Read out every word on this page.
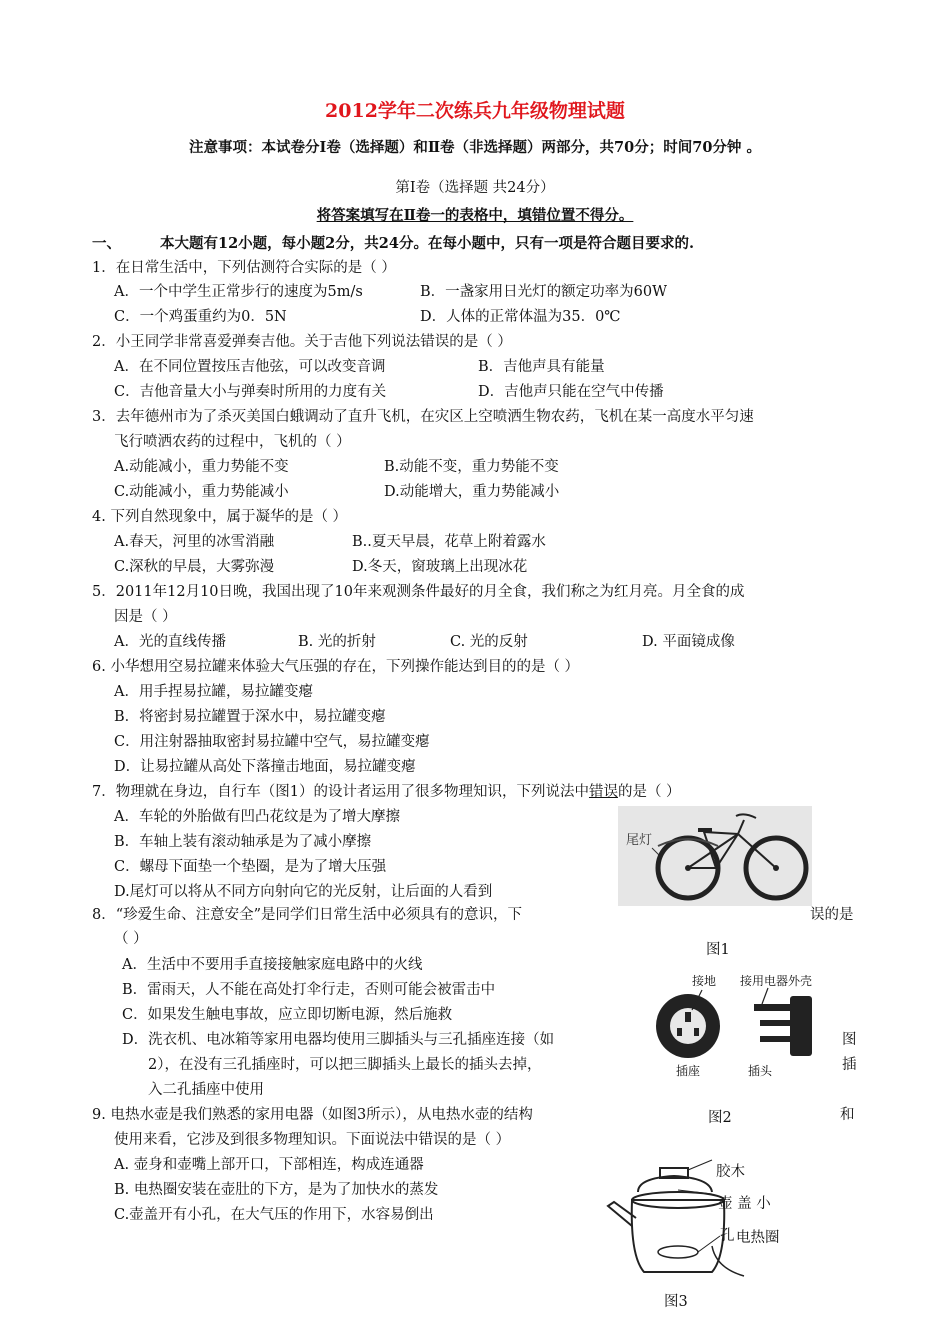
2012学年二次练兵九年级物理试题
注意事项：本试卷分Ⅰ卷（选择题）和Ⅱ卷（非选择题）两部分，共70分；时间70分钟 。
第Ⅰ卷（选择题 共24分）
将答案填写在Ⅱ卷一的表格中，填错位置不得分。
一、	本大题有12小题，每小题2分，共24分。在每小题中，只有一项是符合题目要求的.
1．在日常生活中，下列估测符合实际的是（ ）
A．一个中学生正常步行的速度为5m/s	B．一盏家用日光灯的额定功率为60W
C．一个鸡蛋重约为0．5N	D．人体的正常体温为35．0℃
2．小王同学非常喜爱弹奏吉他。关于吉他下列说法错误的是（ ）
A．在不同位置按压吉他弦，可以改变音调	B．吉他声具有能量
C．吉他音量大小与弹奏时所用的力度有关	D．吉他声只能在空气中传播
3．去年德州市为了杀灭美国白蛾调动了直升飞机，在灾区上空喷洒生物农药，飞机在某一高度水平匀速
飞行喷洒农药的过程中，飞机的（ ）
A.动能减小，重力势能不变	B.动能不变，重力势能不变
C.动能减小，重力势能减小	D.动能增大，重力势能减小
4. 下列自然现象中，属于凝华的是（ ）
A.春天，河里的冰雪消融	B..夏天早晨，花草上附着露水
C.深秋的早晨，大雾弥漫	D.冬天，窗玻璃上出现冰花
5．2011年12月10日晚，我国出现了10年来观测条件最好的月全食，我们称之为红月亮。月全食的成
因是（ ）
A．光的直线传播	B. 光的折射	C. 光的反射	D. 平面镜成像
6. 小华想用空易拉罐来体验大气压强的存在，下列操作能达到目的的是（ ）
A．用手捏易拉罐，易拉罐变瘪
B．将密封易拉罐置于深水中，易拉罐变瘪
C．用注射器抽取密封易拉罐中空气，易拉罐变瘪
D．让易拉罐从高处下落撞击地面，易拉罐变瘪
7．物理就在身边，自行车（图1）的设计者运用了很多物理知识，下列说法中错误的是（ ）
A．车轮的外胎做有凹凸花纹是为了增大摩擦
B．车轴上装有滚动轴承是为了减小摩擦
C．螺母下面垫一个垫圈，是为了增大压强
D.尾灯可以将从不同方向射向它的光反射，让后面的人看到
尾灯
图1
8．“珍爱生命、注意安全”是同学们日常生活中必须具有的意识，下	误的是
（ ）
A．生活中不要用手直接接触家庭电路中的火线
B．雷雨天，人不能在高处打伞行走，否则可能会被雷击中
C．如果发生触电事故，应立即切断电源，然后施救
D．洗衣机、电冰箱等家用电器均使用三脚插头与三孔插座连接（如	图
2），在没有三孔插座时，可以把三脚插头上最长的插头去掉，	插
入二孔插座中使用
接地 接用电器外壳
插座	插头
图2
9. 电热水壶是我们熟悉的家用电器（如图3所示），从电热水壶的结构	和
使用来看，它涉及到很多物理知识。下面说法中错误的是（ ）
A. 壶身和壶嘴上部开口，下部相连，构成连通器
B. 电热圈安装在壶肚的下方，是为了加快水的蒸发
C.壶盖开有小孔，在大气压的作用下，水容易倒出
胶木
壶 盖 小
孔 电热圈
图3
